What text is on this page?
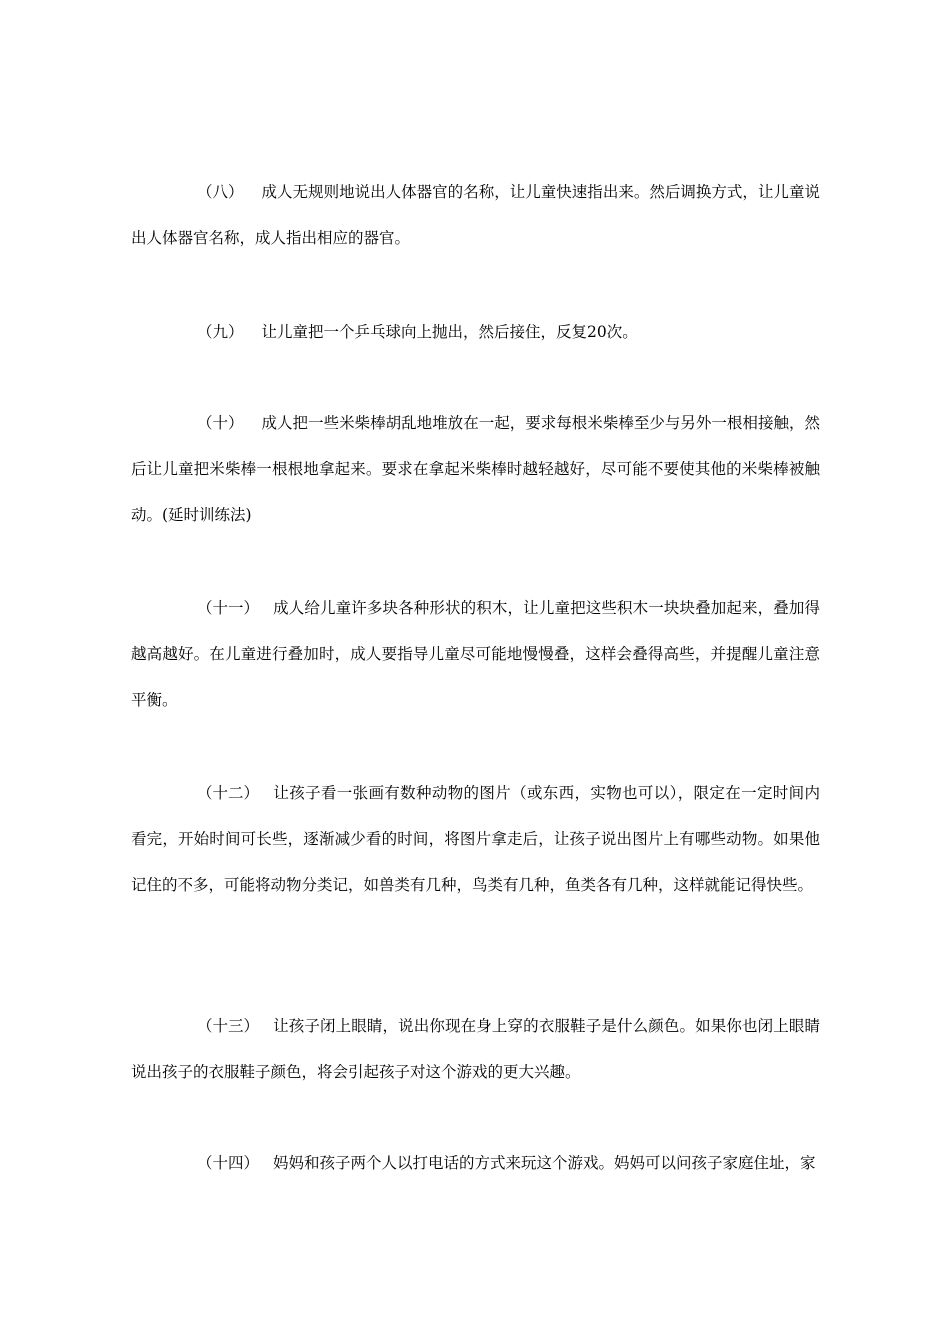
（八） 成人无规则地说出人体器官的名称，让儿童快速指出来。然后调换方式，让儿童说出人体器官名称，成人指出相应的器官。
（九） 让儿童把一个乒乓球向上抛出，然后接住，反复20次。
（十） 成人把一些米柴棒胡乱地堆放在一起，要求每根米柴棒至少与另外一根相接触，然后让儿童把米柴棒一根根地拿起来。要求在拿起米柴棒时越轻越好，尽可能不要使其他的米柴棒被触动。(延时训练法)
（十一） 成人给儿童许多块各种形状的积木，让儿童把这些积木一块块叠加起来，叠加得越高越好。在儿童进行叠加时，成人要指导儿童尽可能地慢慢叠，这样会叠得高些，并提醒儿童注意平衡。
（十二） 让孩子看一张画有数种动物的图片（或东西，实物也可以），限定在一定时间内看完，开始时间可长些，逐渐减少看的时间，将图片拿走后，让孩子说出图片上有哪些动物。如果他记住的不多，可能将动物分类记，如兽类有几种，鸟类有几种，鱼类各有几种，这样就能记得快些。
（十三） 让孩子闭上眼睛，说出你现在身上穿的衣服鞋子是什么颜色。如果你也闭上眼睛说出孩子的衣服鞋子颜色，将会引起孩子对这个游戏的更大兴趣。
（十四） 妈妈和孩子两个人以打电话的方式来玩这个游戏。妈妈可以问孩子家庭住址，家
